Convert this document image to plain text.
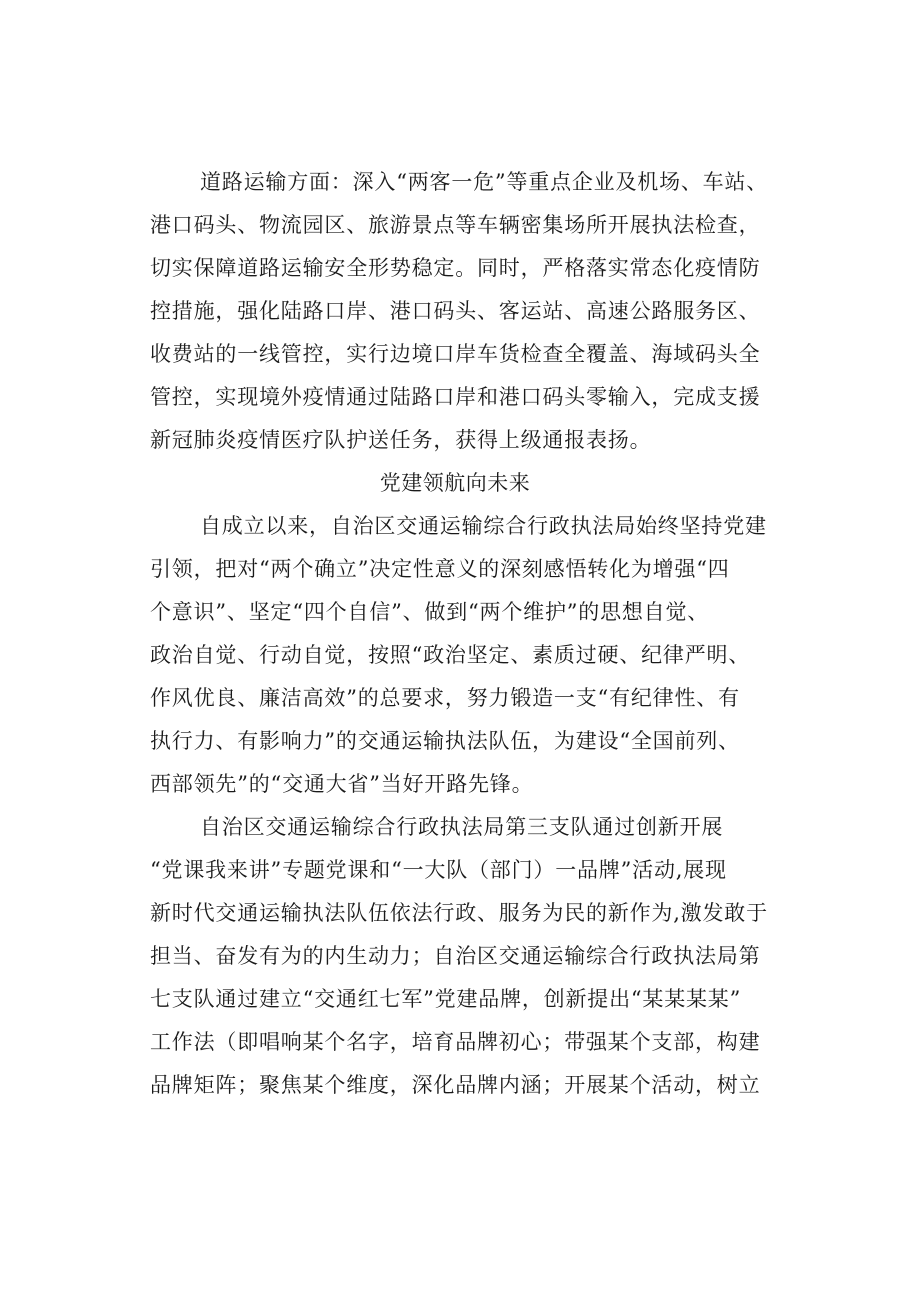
道路运输方面：深入“两客一危”等重点企业及机场、车站、
港口码头、物流园区、旅游景点等车辆密集场所开展执法检查，
切实保障道路运输安全形势稳定。同时，严格落实常态化疫情防
控措施，强化陆路口岸、港口码头、客运站、高速公路服务区、
收费站的一线管控，实行边境口岸车货检查全覆盖、海域码头全
管控，实现境外疫情通过陆路口岸和港口码头零输入，完成支援
新冠肺炎疫情医疗队护送任务，获得上级通报表扬。
党建领航向未来
自成立以来，自治区交通运输综合行政执法局始终坚持党建
引领，把对“两个确立”决定性意义的深刻感悟转化为增强“四
个意识”、坚定“四个自信”、做到“两个维护”的思想自觉、
政治自觉、行动自觉，按照“政治坚定、素质过硬、纪律严明、
作风优良、廉洁高效”的总要求，努力锻造一支“有纪律性、有
执行力、有影响力”的交通运输执法队伍，为建设“全国前列、
西部领先”的“交通大省”当好开路先锋。
自治区交通运输综合行政执法局第三支队通过创新开展
“党课我来讲”专题党课和“一大队（部门）一品牌”活动,展现
新时代交通运输执法队伍依法行政、服务为民的新作为,激发敢于
担当、奋发有为的内生动力；自治区交通运输综合行政执法局第
七支队通过建立“交通红七军”党建品牌，创新提出“某某某某”
工作法（即唱响某个名字，培育品牌初心；带强某个支部，构建
品牌矩阵；聚焦某个维度，深化品牌内涵；开展某个活动，树立
